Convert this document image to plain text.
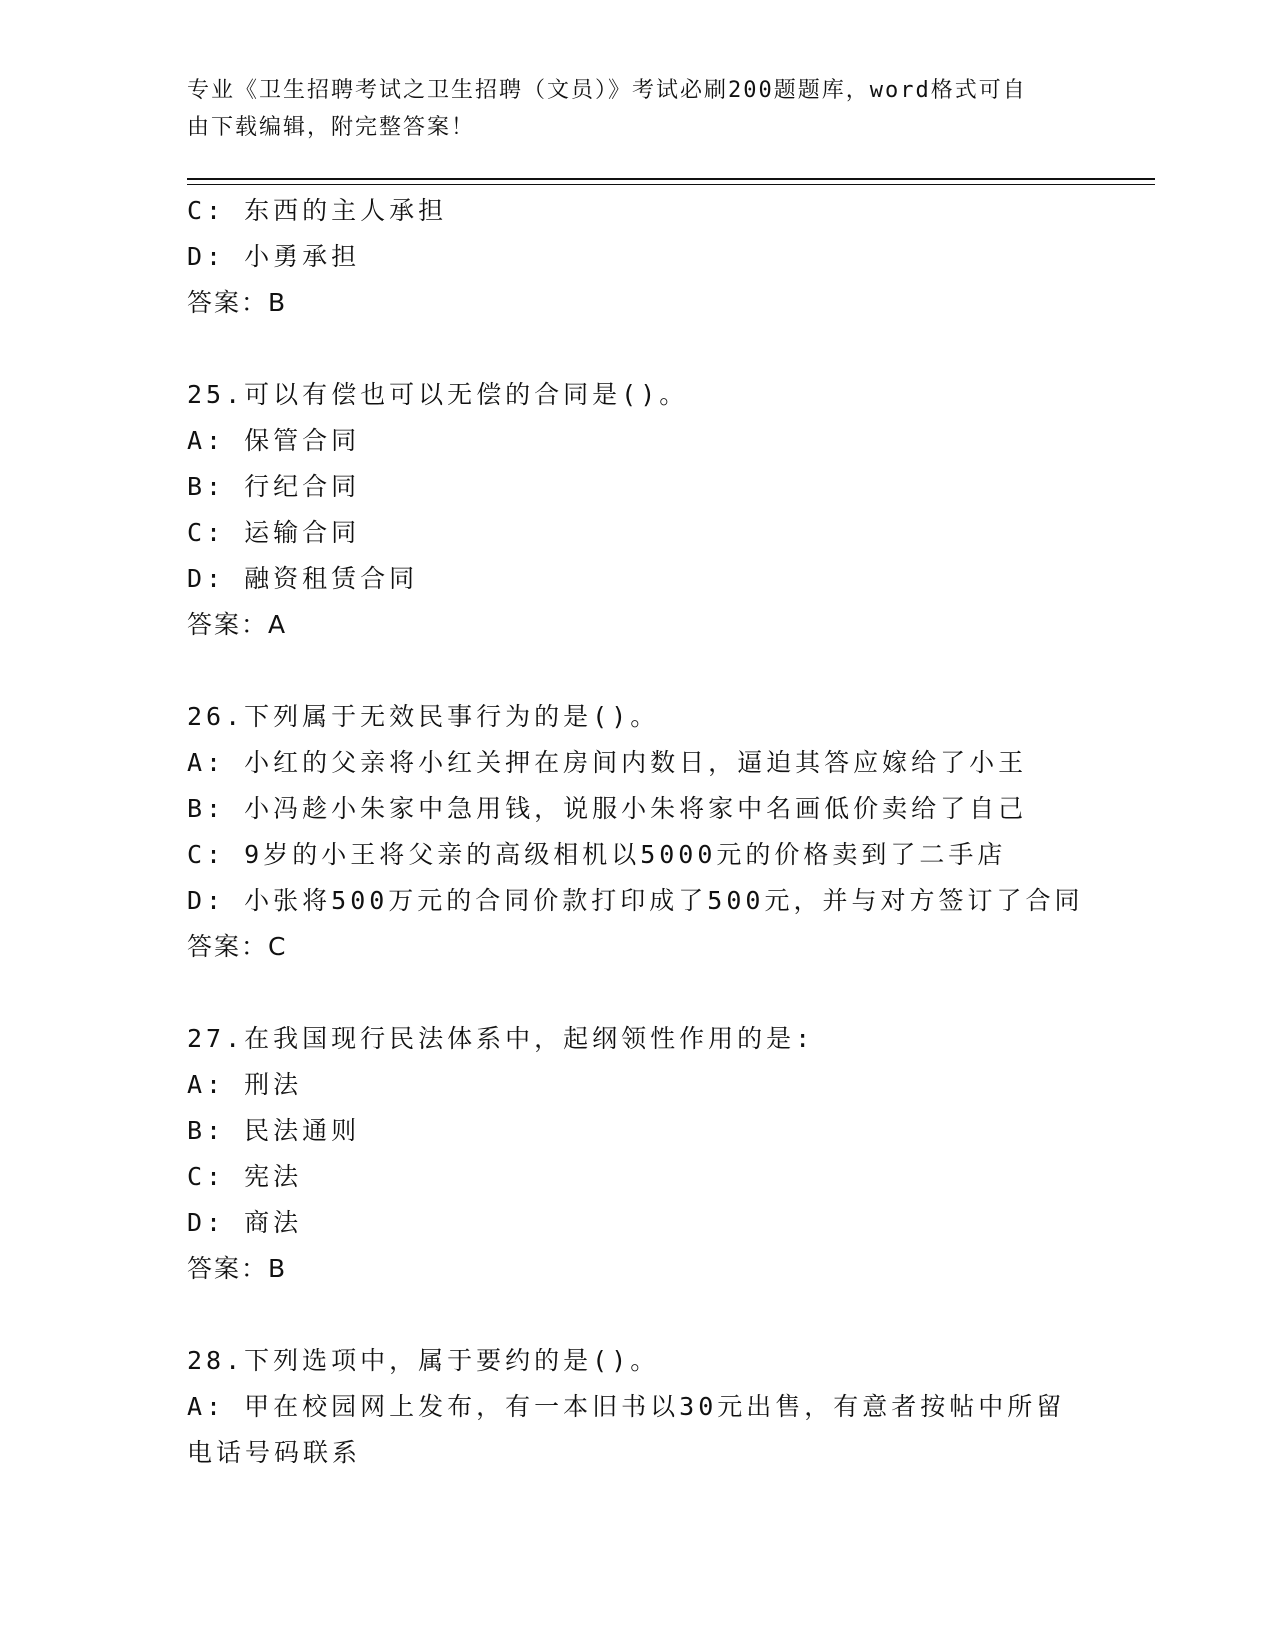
专业《卫生招聘考试之卫生招聘（文员）》考试必刷200题题库，word格式可自
由下载编辑，附完整答案！
C: 东西的主人承担
D: 小勇承担
答案：B
25.可以有偿也可以无偿的合同是()。
A: 保管合同
B: 行纪合同
C: 运输合同
D: 融资租赁合同
答案：A
26.下列属于无效民事行为的是()。
A: 小红的父亲将小红关押在房间内数日，逼迫其答应嫁给了小王
B: 小冯趁小朱家中急用钱，说服小朱将家中名画低价卖给了自己
C: 9岁的小王将父亲的高级相机以5000元的价格卖到了二手店
D: 小张将500万元的合同价款打印成了500元，并与对方签订了合同
答案：C
27.在我国现行民法体系中，起纲领性作用的是:
A: 刑法
B: 民法通则
C: 宪法
D: 商法
答案：B
28.下列选项中，属于要约的是()。
A: 甲在校园网上发布，有一本旧书以30元出售，有意者按帖中所留
电话号码联系
